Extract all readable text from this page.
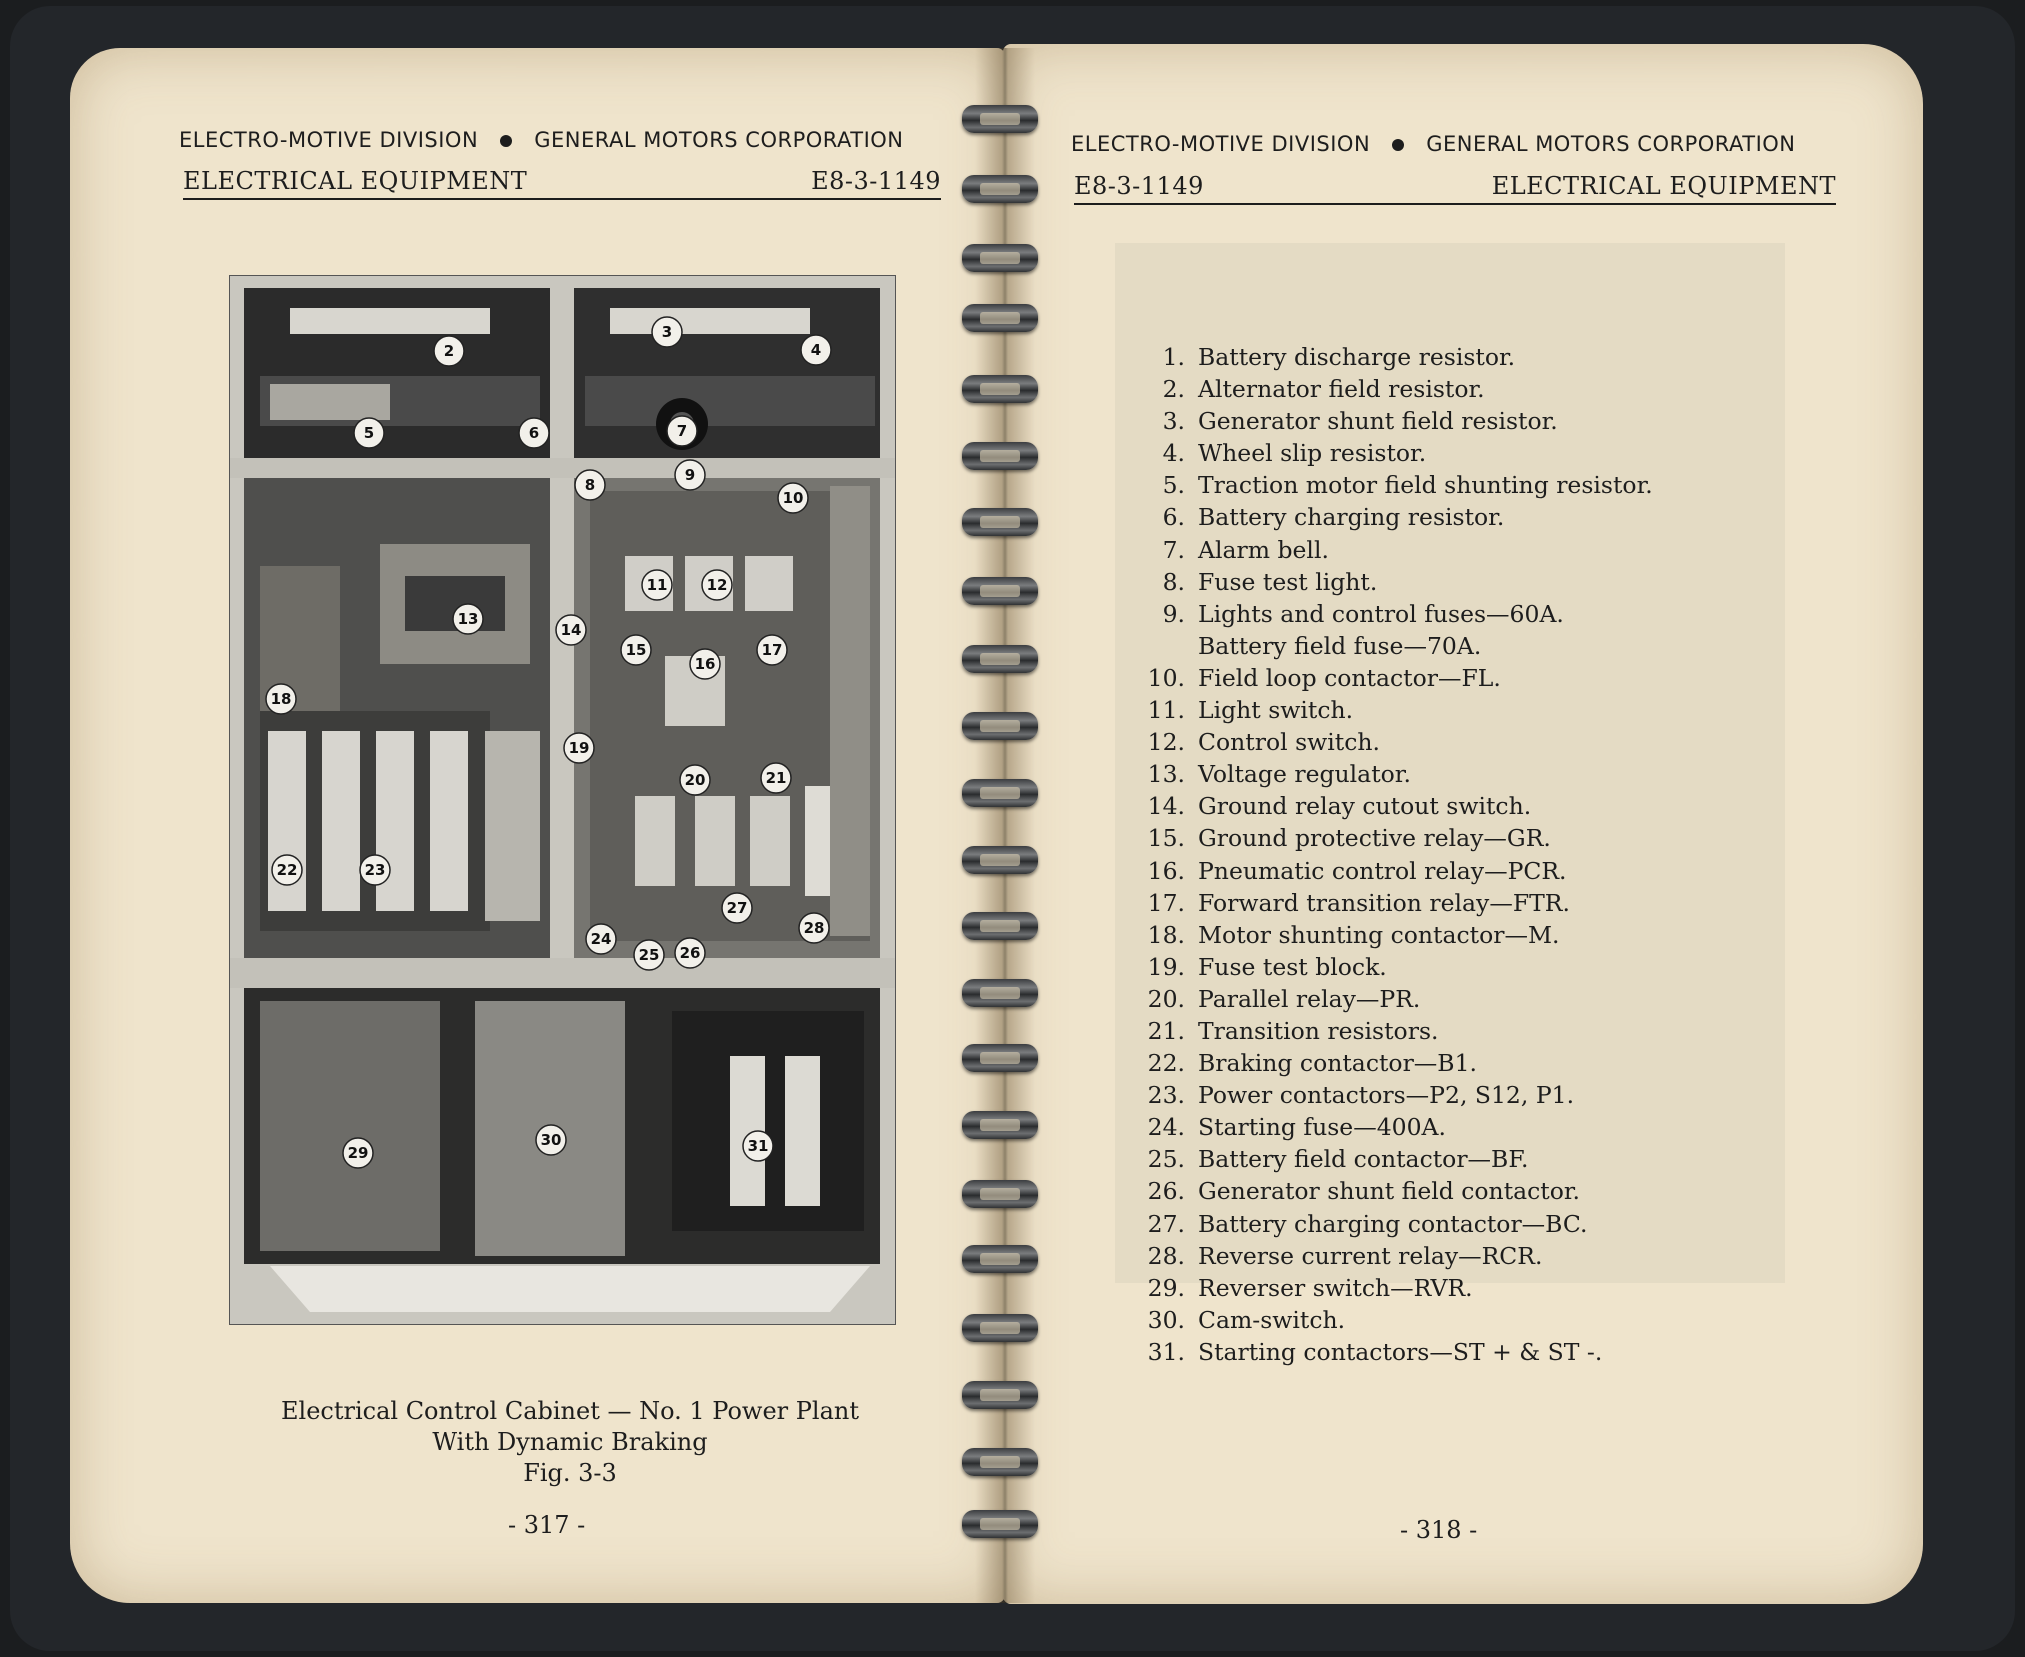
ELECTRO-MOTIVE DIVISION	GENERAL MOTORS CORPORATION
ELECTRICAL EQUIPMENT	E8-3-1149
2
3
4
5	6	7
8
9
10
11	12
13
14
15
16
17
18
19
20	21
22	23
24
25 26
27
28
29
30	31
Electrical Control Cabinet — No. 1 Power Plant
With Dynamic Braking
Fig. 3-3
- 317 -
ELECTRO-MOTIVE DIVISION	GENERAL MOTORS CORPORATION
E8-3-1149	ELECTRICAL EQUIPMENT
- 318 -
1. Battery discharge resistor.
2. Alternator field resistor.
3. Generator shunt field resistor.
4. Wheel slip resistor.
5. Traction motor field shunting resistor.
6. Battery charging resistor.
7. Alarm bell.
8. Fuse test light.
9. Lights and control fuses—60A.
Battery field fuse—70A.
10. Field loop contactor—FL.
11. Light switch.
12. Control switch.
13. Voltage regulator.
14. Ground relay cutout switch.
15. Ground protective relay—GR.
16. Pneumatic control relay—PCR.
17. Forward transition relay—FTR.
18. Motor shunting contactor—M.
19. Fuse test block.
20. Parallel relay—PR.
21. Transition resistors.
22. Braking contactor—B1.
23. Power contactors—P2, S12, P1.
24. Starting fuse—400A.
25. Battery field contactor—BF.
26. Generator shunt field contactor.
27. Battery charging contactor—BC.
28. Reverse current relay—RCR.
29. Reverser switch—RVR.
30. Cam-switch.
31. Starting contactors—ST + & ST -.
